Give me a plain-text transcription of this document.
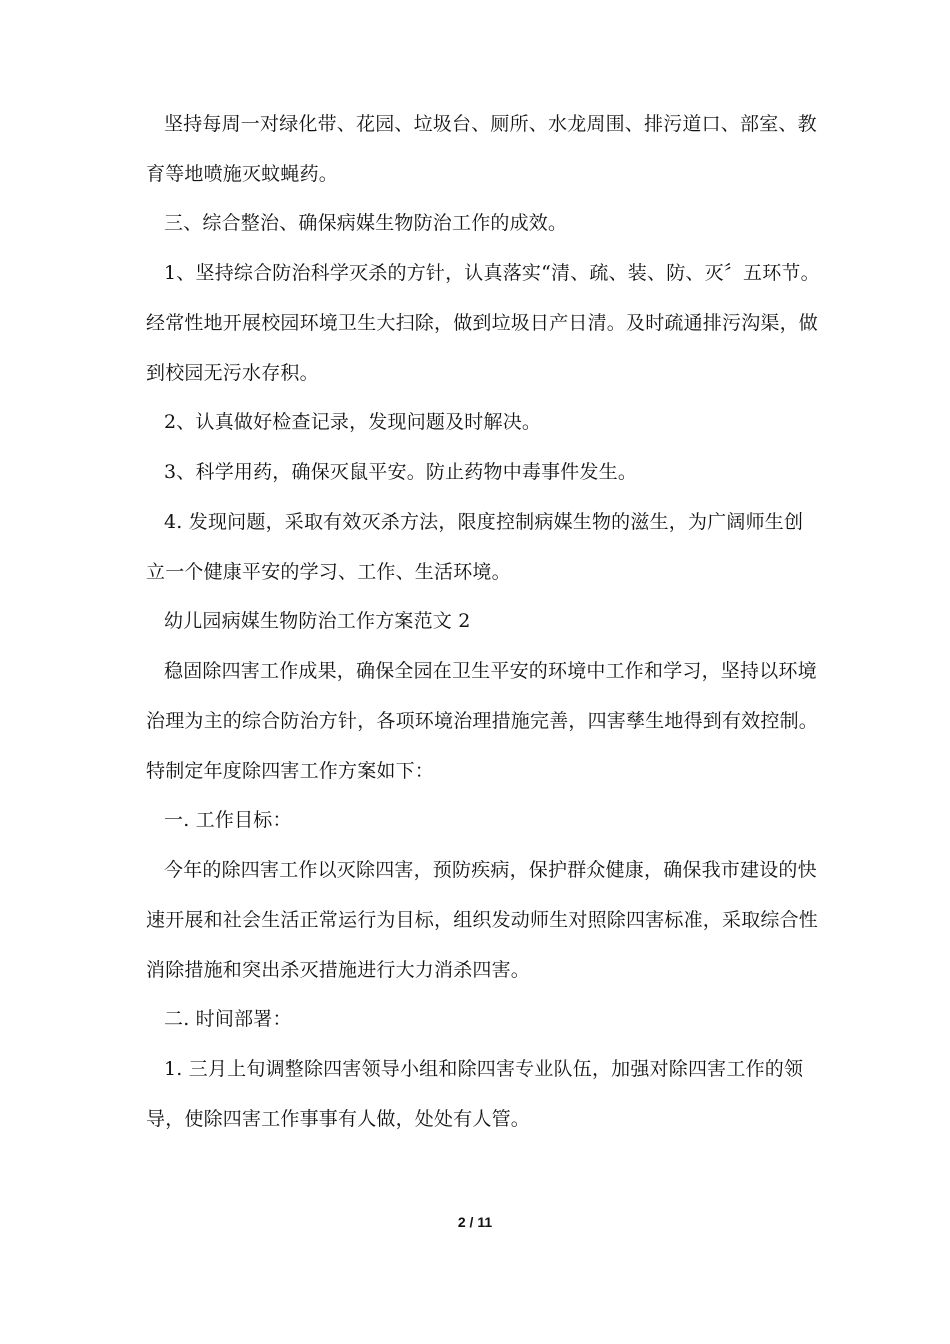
坚持每周一对绿化带、花园、垃圾台、厕所、水龙周围、排污道口、部室、教
育等地喷施灭蚊蝇药。
三、综合整治、确保病媒生物防治工作的成效。
1、坚持综合防治科学灭杀的方针，认真落实“清、疏、装、防、灭〞五环节。
经常性地开展校园环境卫生大扫除，做到垃圾日产日清。及时疏通排污沟渠，做
到校园无污水存积。
2、认真做好检查记录，发现问题及时解决。
3、科学用药，确保灭鼠平安。防止药物中毒事件发生。
4. 发现问题，采取有效灭杀方法，限度控制病媒生物的滋生，为广阔师生创
立一个健康平安的学习、工作、生活环境。
幼儿园病媒生物防治工作方案范文 2
稳固除四害工作成果，确保全园在卫生平安的环境中工作和学习，坚持以环境
治理为主的综合防治方针，各项环境治理措施完善，四害孳生地得到有效控制。
特制定年度除四害工作方案如下：
一. 工作目标：
今年的除四害工作以灭除四害，预防疾病，保护群众健康，确保我市建设的快
速开展和社会生活正常运行为目标，组织发动师生对照除四害标准，采取综合性
消除措施和突出杀灭措施进行大力消杀四害。
二. 时间部署：
1. 三月上旬调整除四害领导小组和除四害专业队伍，加强对除四害工作的领
导，使除四害工作事事有人做，处处有人管。
2 / 11
